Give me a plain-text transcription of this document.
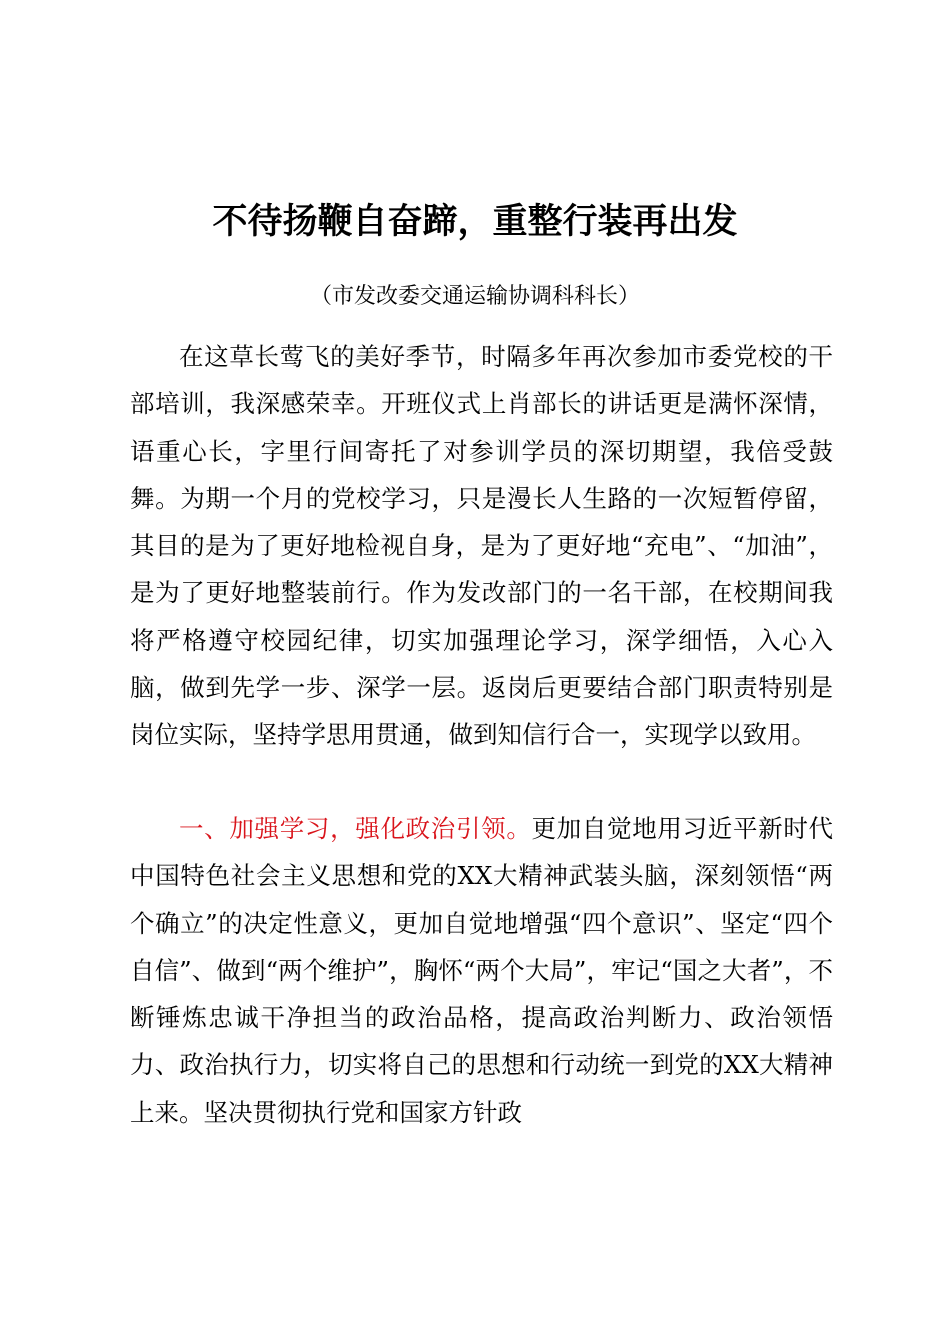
不待扬鞭自奋蹄，重整行装再出发

（市发改委交通运输协调科科长）

在这草长莺飞的美好季节，时隔多年再次参加市委党校的干部培训，我深感荣幸。开班仪式上肖部长的讲话更是满怀深情，语重心长，字里行间寄托了对参训学员的深切期望，我倍受鼓舞。为期一个月的党校学习，只是漫长人生路的一次短暂停留，其目的是为了更好地检视自身，是为了更好地“充电”、“加油”，是为了更好地整装前行。作为发改部门的一名干部，在校期间我将严格遵守校园纪律，切实加强理论学习，深学细悟，入心入脑，做到先学一步、深学一层。返岗后更要结合部门职责特别是岗位实际，坚持学思用贯通，做到知信行合一，实现学以致用。

一、加强学习，强化政治引领。更加自觉地用习近平新时代中国特色社会主义思想和党的XX大精神武装头脑，深刻领悟“两个确立”的决定性意义，更加自觉地增强“四个意识”、坚定“四个自信”、做到“两个维护”，胸怀“两个大局”，牢记“国之大者”，不断锤炼忠诚干净担当的政治品格，提高政治判断力、政治领悟力、政治执行力，切实将自己的思想和行动统一到党的XX大精神上来。坚决贯彻执行党和国家方针政
